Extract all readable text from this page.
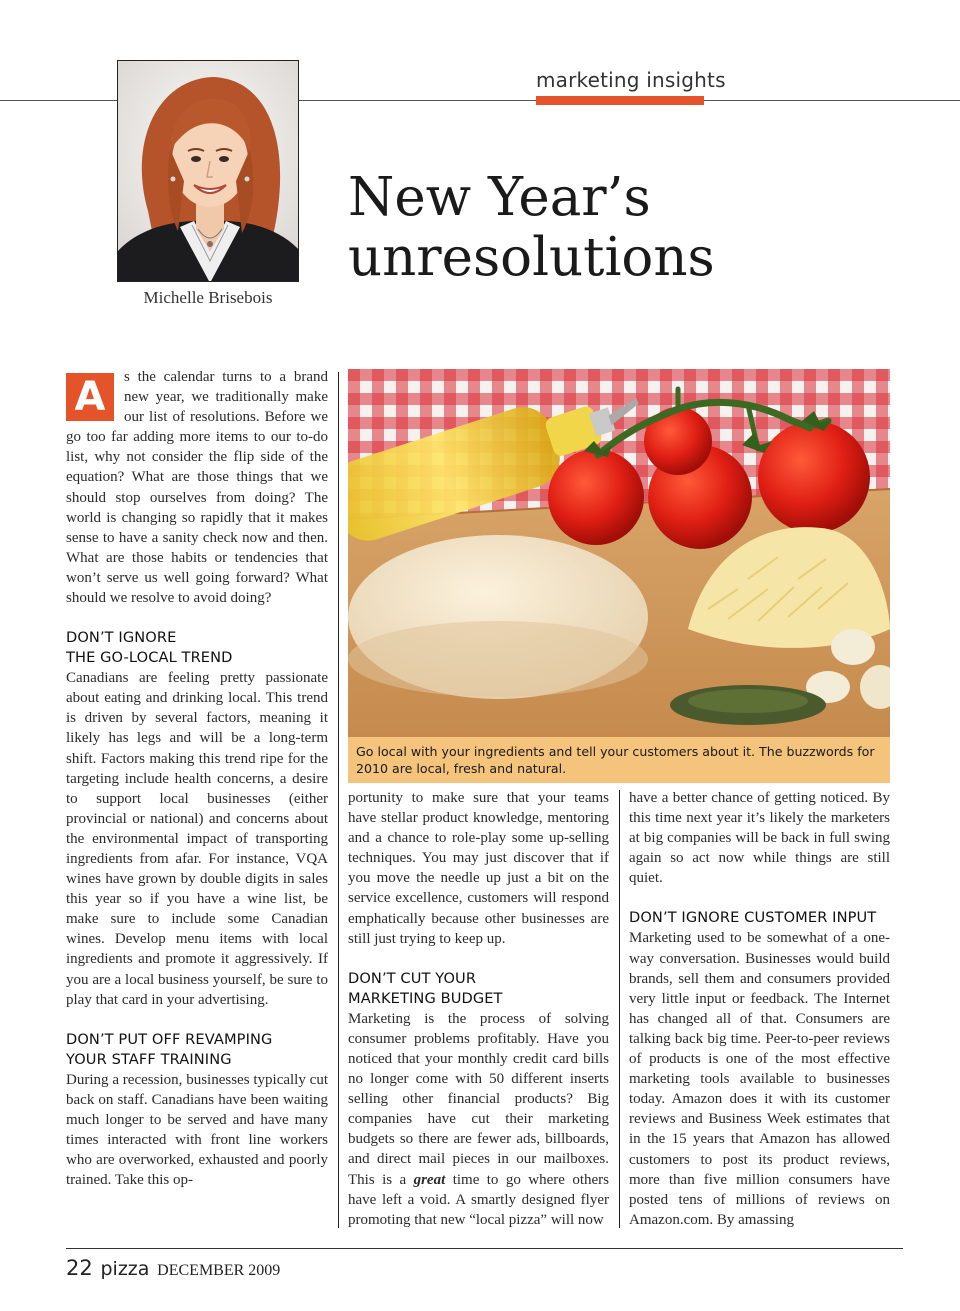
marketing insights
Michelle Brisebois
New Year’s
unresolutions

A	s the calendar turns to a brand new year, we traditionally make our list of resolutions. Before we go too far adding more items to our to-do list, why not consider the flip side of the equation? What are those things that we should stop ourselves from doing? The world is changing so rapidly that it makes sense to have a sanity check now and then. What are those habits or tendencies that won’t serve us well going forward? What should we resolve to avoid doing?

DON’T IGNORE
THE GO-LOCAL TREND

Canadians are feeling pretty passionate about eating and drinking local. This trend is driven by several factors, meaning it likely has legs and will be a long-term shift. Factors making this trend ripe for the targeting include health concerns, a desire to support local businesses (either provincial or national) and concerns about the environmental impact of transporting ingredients from afar. For instance, VQA wines have grown by double digits in sales this year so if you have a wine list, be make sure to include some Canadian wines. Develop menu items with local ingredients and promote it aggressively. If you are a local business yourself, be sure to play that card in your advertising.

DON’T PUT OFF REVAMPING
YOUR STAFF TRAINING

During a recession, businesses typically cut back on staff. Canadians have been waiting much longer to be served and have many times interacted with front line workers who are overworked, exhausted and poorly trained. Take this op-

Go local with your ingredients and tell your customers about it. The buzzwords for 2010 are local, fresh and natural.

portunity to make sure that your teams have stellar product knowledge, mentoring and a chance to role-play some up-selling techniques. You may just discover that if you move the needle up just a bit on the service excellence, customers will respond emphatically because other businesses are still just trying to keep up.

DON’T CUT YOUR
MARKETING BUDGET

Marketing is the process of solving consumer problems profitably. Have you noticed that your monthly credit card bills no longer come with 50 different inserts selling other financial products? Big companies have cut their marketing budgets so there are fewer ads, billboards, and direct mail pieces in our mailboxes. This is a great time to go where others have left a void. A smartly designed flyer promoting that new “local pizza” will now

have a better chance of getting noticed. By this time next year it’s likely the marketers at big companies will be back in full swing again so act now while things are still quiet.

DON’T IGNORE CUSTOMER INPUT

Marketing used to be somewhat of a one-way conversation. Businesses would build brands, sell them and consumers provided very little input or feedback. The Internet has changed all of that. Consumers are talking back big time. Peer-to-peer reviews of products is one of the most effective marketing tools available to businesses today. Amazon does it with its customer reviews and Business Week estimates that in the 15 years that Amazon has allowed customers to post its product reviews, more than five million consumers have posted tens of millions of reviews on Amazon.com. By amassing

22 pizza DECEMBER 2009
